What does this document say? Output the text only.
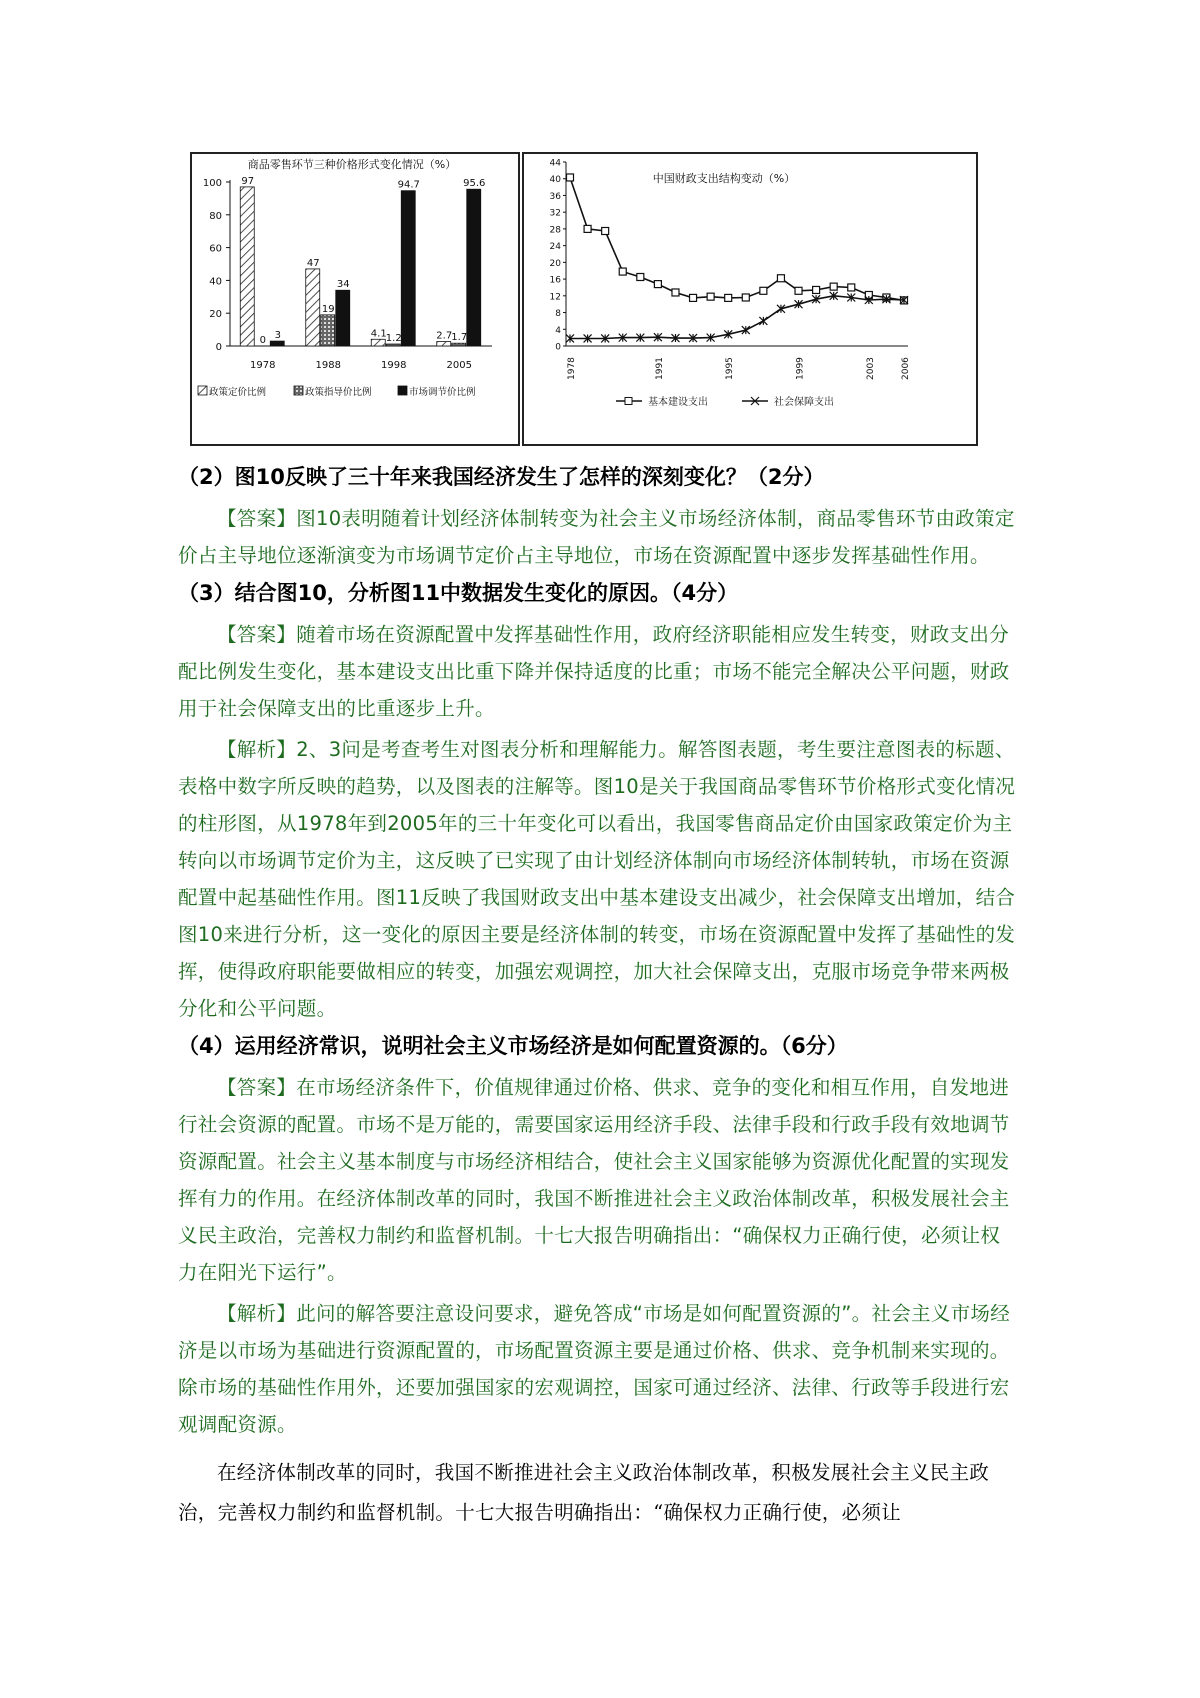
商品零售环节三种价格形式变化情况（%）
0
20
40
60
80
100 97
0 3
1978
47
19
34
1988
4.1 1.2
94.7
1998
2.7 1.7
95.6
2005
政策定价比例	政策指导价比例	市场调节价比例
中国财政支出结构变动（%）
0
4
8
12
16
20
24
28
32
36
40
44
1978	1991	1995	1999	2003	2006
基本建设支出	社会保障支出

（2）图10反映了三十年来我国经济发生了怎样的深刻变化？（2分）

【答案】图10表明随着计划经济体制转变为社会主义市场经济体制，商品零售环节由政策定价占主导地位逐渐演变为市场调节定价占主导地位，市场在资源配置中逐步发挥基础性作用。

（3）结合图10，分析图11中数据发生变化的原因。（4分）

【答案】随着市场在资源配置中发挥基础性作用，政府经济职能相应发生转变，财政支出分配比例发生变化，基本建设支出比重下降并保持适度的比重；市场不能完全解决公平问题，财政用于社会保障支出的比重逐步上升。

【解析】2、3问是考查考生对图表分析和理解能力。解答图表题，考生要注意图表的标题、表格中数字所反映的趋势，以及图表的注解等。图10是关于我国商品零售环节价格形式变化情况的柱形图，从1978年到2005年的三十年变化可以看出，我国零售商品定价由国家政策定价为主转向以市场调节定价为主，这反映了已实现了由计划经济体制向市场经济体制转轨，市场在资源配置中起基础性作用。图11反映了我国财政支出中基本建设支出减少，社会保障支出增加，结合图10来进行分析，这一变化的原因主要是经济体制的转变，市场在资源配置中发挥了基础性的发挥，使得政府职能要做相应的转变，加强宏观调控，加大社会保障支出，克服市场竞争带来两极分化和公平问题。

（4）运用经济常识，说明社会主义市场经济是如何配置资源的。（6分）

【答案】在市场经济条件下，价值规律通过价格、供求、竞争的变化和相互作用，自发地进行社会资源的配置。市场不是万能的，需要国家运用经济手段、法律手段和行政手段有效地调节资源配置。社会主义基本制度与市场经济相结合，使社会主义国家能够为资源优化配置的实现发挥有力的作用。在经济体制改革的同时，我国不断推进社会主义政治体制改革，积极发展社会主义民主政治，完善权力制约和监督机制。十七大报告明确指出：“确保权力正确行使，必须让权力在阳光下运行”。

【解析】此问的解答要注意设问要求，避免答成“市场是如何配置资源的”。社会主义市场经济是以市场为基础进行资源配置的，市场配置资源主要是通过价格、供求、竞争机制来实现的。除市场的基础性作用外，还要加强国家的宏观调控，国家可通过经济、法律、行政等手段进行宏观调配资源。

在经济体制改革的同时，我国不断推进社会主义政治体制改革，积极发展社会主义民主政治，完善权力制约和监督机制。十七大报告明确指出：“确保权力正确行使，必须让
